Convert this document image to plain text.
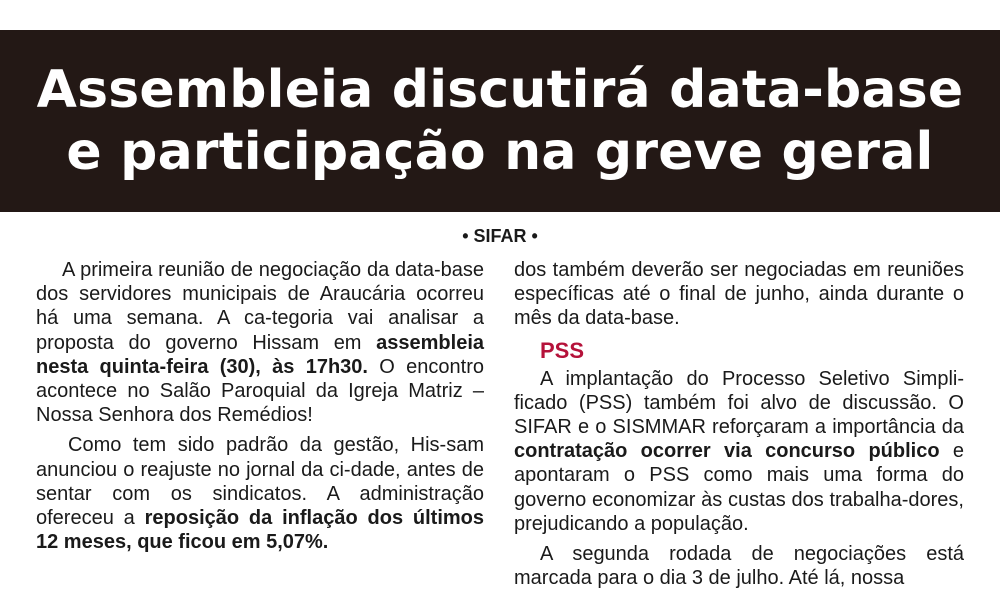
Assembleia discutirá data-base
e participação na greve geral
• SIFAR •

A primeira reunião de negociação da data-base dos servidores municipais de Araucária ocorreu há uma semana. A ca-tegoria vai analisar a proposta do governo Hissam em assembleia nesta quinta-feira (30), às 17h30. O encontro acontece no Salão Paroquial da Igreja Matriz – Nossa Senhora dos Remédios!

Como tem sido padrão da gestão, His-sam anunciou o reajuste no jornal da ci-dade, antes de sentar com os sindicatos. A administração ofereceu a reposição da inflação dos últimos 12 meses, que ficou em 5,07%.

dos também deverão ser negociadas em reuniões específicas até o final de junho, ainda durante o mês da data-base.

PSS

A implantação do Processo Seletivo Simpli-ficado (PSS) também foi alvo de discussão. O SIFAR e o SISMMAR reforçaram a importância da contratação ocorrer via concurso público e apontaram o PSS como mais uma forma do governo economizar às custas dos trabalha-dores, prejudicando a população.

A segunda rodada de negociações está marcada para o dia 3 de julho. Até lá, nossa
